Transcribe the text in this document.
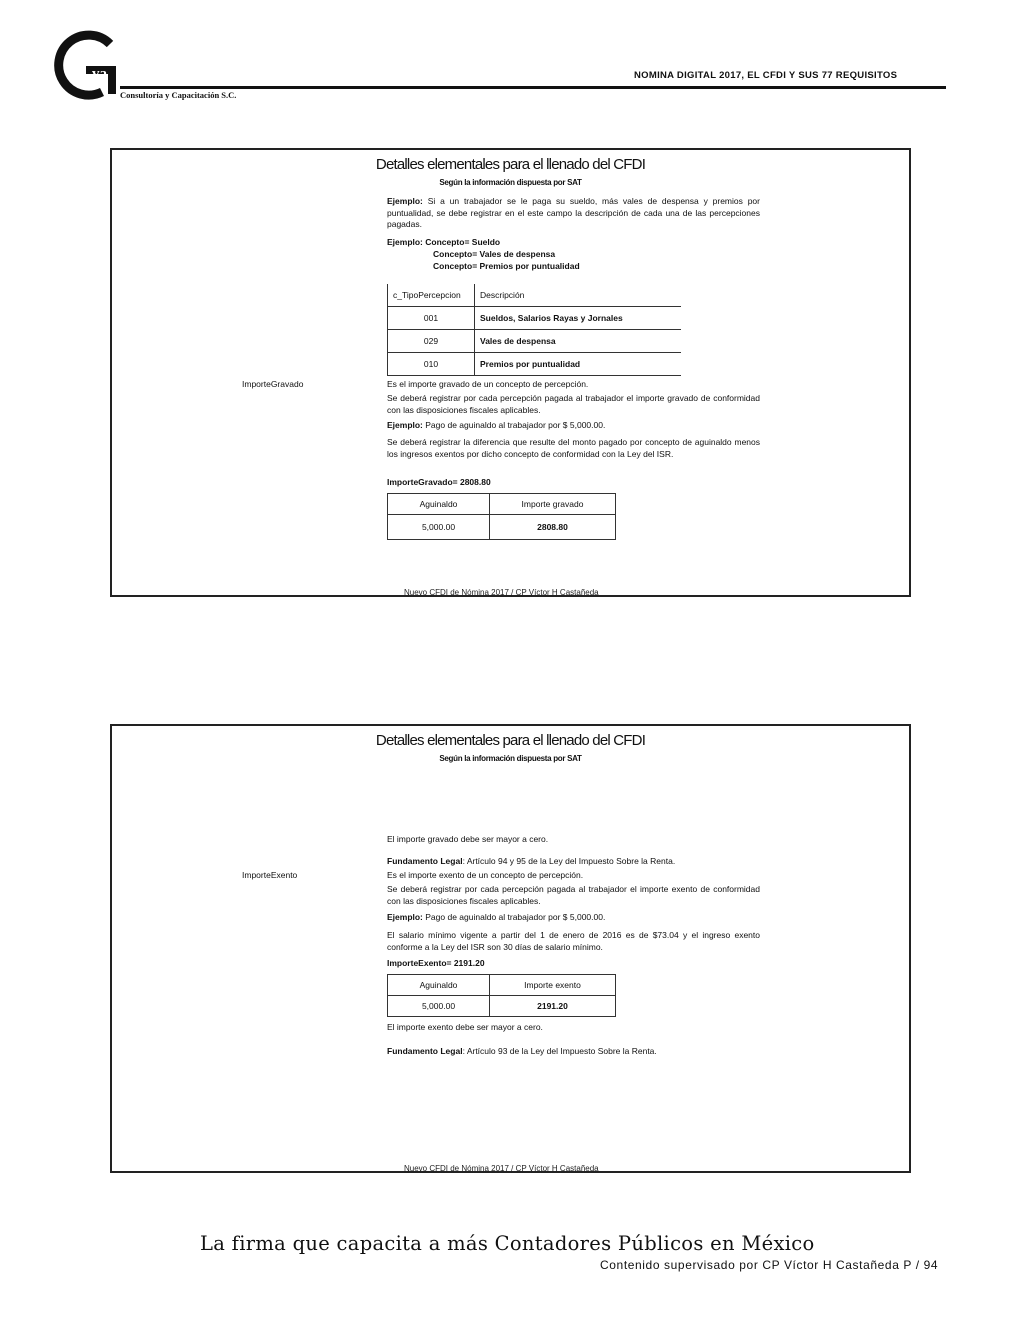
va
Consultoría y Capacitación S.C.
NOMINA DIGITAL 2017, EL CFDI Y SUS 77 REQUISITOS
Detalles elementales para el llenado del CFDI
Según la información dispuesta por SAT

Ejemplo: Si a un trabajador se le paga su sueldo, más vales de despensa y premios por puntualidad, se debe registrar en el este campo la descripción de cada una de las percepciones pagadas.

Ejemplo: Concepto= Sueldo
Concepto= Vales de despensa
Concepto= Premios por puntualidad
c_TipoPercepcion	Descripción
001	Sueldos, Salarios Rayas y Jornales
029	Vales de despensa
010	Premios por puntualidad
ImporteGravado	Es el importe gravado de un concepto de percepción.

Se deberá registrar por cada percepción pagada al trabajador el importe gravado de conformidad con las disposiciones fiscales aplicables.

Ejemplo: Pago de aguinaldo al trabajador por $ 5,000.00.

Se deberá registrar la diferencia que resulte del monto pagado por concepto de aguinaldo menos los ingresos exentos por dicho concepto de conformidad con la Ley del ISR.

ImporteGravado= 2808.80
Aguinaldo	Importe gravado
5,000.00	2808.80
Nuevo CFDI de Nómina 2017 / CP Víctor H Castañeda
Detalles elementales para el llenado del CFDI
Según la información dispuesta por SAT
El importe gravado debe ser mayor a cero.
Fundamento Legal: Artículo 94 y 95 de la Ley del Impuesto Sobre la Renta.
ImporteExento	Es el importe exento de un concepto de percepción.

Se deberá registrar por cada percepción pagada al trabajador el importe exento de conformidad con las disposiciones fiscales aplicables.

Ejemplo: Pago de aguinaldo al trabajador por $ 5,000.00.

El salario mínimo vigente a partir del 1 de enero de 2016 es de $73.04 y el ingreso exento conforme a la Ley del ISR son 30 días de salario mínimo.

ImporteExento= 2191.20
Aguinaldo	Importe exento
5,000.00	2191.20
El importe exento debe ser mayor a cero.
Fundamento Legal: Artículo 93 de la Ley del Impuesto Sobre la Renta.
Nuevo CFDI de Nómina 2017 / CP Víctor H Castañeda
La firma que capacita a más Contadores Públicos en México
Contenido supervisado por CP Víctor H Castañeda P / 94
